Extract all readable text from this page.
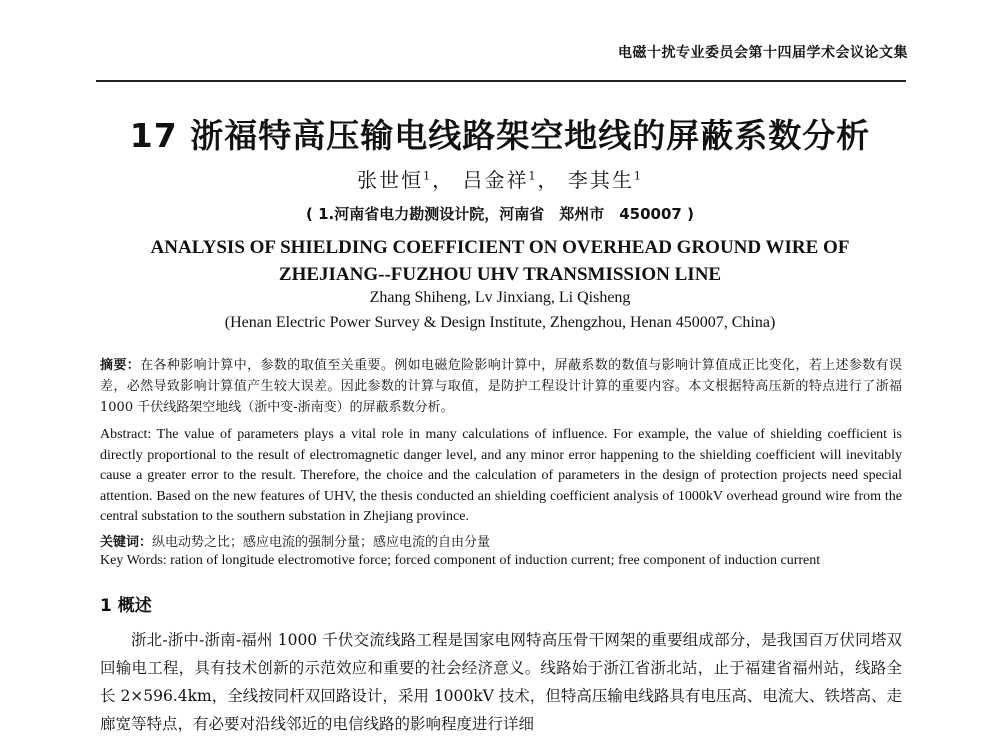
电磁十扰专业委员会第十四届学术会议论文集
17 浙福特高压输电线路架空地线的屏蔽系数分析
张世恒$^1$， 吕金祥$^1$， 李其生$^1$
( 1.河南省电力勘测设计院，河南省　郑州市　450007 )
ANALYSIS OF SHIELDING COEFFICIENT ON OVERHEAD GROUND WIRE OF
ZHEJIANG--FUZHOU UHV TRANSMISSION LINE
Zhang Shiheng, Lv Jinxiang, Li Qisheng
(Henan Electric Power Survey & Design Institute, Zhengzhou, Henan 450007, China)
摘要：在各种影响计算中，参数的取值至关重要。例如电磁危险影响计算中，屏蔽系数的数值与影响计算值成正比变化，若上述参数有误差，必然导致影响计算值产生较大误差。因此参数的计算与取值，是防护工程设计计算的重要内容。本文根据特高压新的特点进行了浙福 1000 千伏线路架空地线（浙中变-浙南变）的屏蔽系数分析。
Abstract: The value of parameters plays a vital role in many calculations of influence. For example, the value of shielding coefficient is directly proportional to the result of electromagnetic danger level, and any minor error happening to the shielding coefficient will inevitably cause a greater error to the result. Therefore, the choice and the calculation of parameters in the design of protection projects need special attention. Based on the new features of UHV, the thesis conducted an shielding coefficient analysis of 1000kV overhead ground wire from the central substation to the southern substation in Zhejiang province.
关键词：纵电动势之比；感应电流的强制分量；感应电流的自由分量
Key Words: ration of longitude electromotive force; forced component of induction current; free component of induction current
1 概述
浙北-浙中-浙南-福州 1000 千伏交流线路工程是国家电网特高压骨干网架的重要组成部分，是我国百万伏同塔双回输电工程，具有技术创新的示范效应和重要的社会经济意义。线路始于浙江省浙北站，止于福建省福州站，线路全长 2×596.4km，全线按同杆双回路设计，采用 1000kV 技术，但特高压输电线路具有电压高、电流大、铁塔高、走廊宽等特点，有必要对沿线邻近的电信线路的影响程度进行详细
